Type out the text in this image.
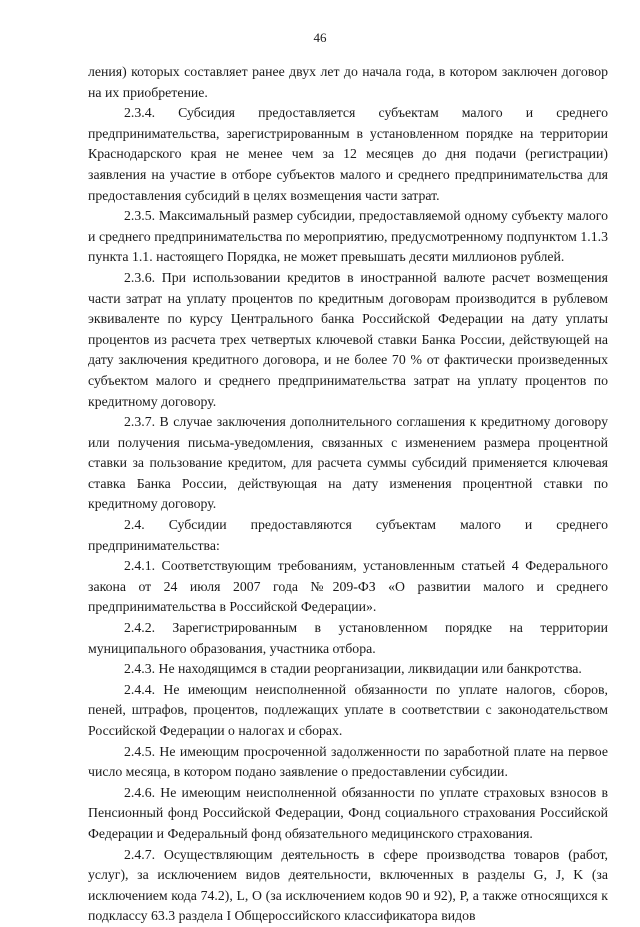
46

ления) которых составляет ранее двух лет до начала года, в котором заключен договор на их приобретение.

2.3.4. Субсидия предоставляется субъектам малого и среднего предпринимательства, зарегистрированным в установленном порядке на территории Краснодарского края не менее чем за 12 месяцев до дня подачи (регистрации) заявления на участие в отборе субъектов малого и среднего предпринимательства для предоставления субсидий в целях возмещения части затрат.

2.3.5. Максимальный размер субсидии, предоставляемой одному субъекту малого и среднего предпринимательства по мероприятию, предусмотренному подпунктом 1.1.3 пункта 1.1. настоящего Порядка, не может превышать десяти миллионов рублей.

2.3.6. При использовании кредитов в иностранной валюте расчет возмещения части затрат на уплату процентов по кредитным договорам производится в рублевом эквиваленте по курсу Центрального банка Российской Федерации на дату уплаты процентов из расчета трех четвертых ключевой ставки Банка России, действующей на дату заключения кредитного договора, и не более 70 % от фактически произведенных субъектом малого и среднего предпринимательства затрат на уплату процентов по кредитному договору.

2.3.7. В случае заключения дополнительного соглашения к кредитному договору или получения письма-уведомления, связанных с изменением размера процентной ставки за пользование кредитом, для расчета суммы субсидий применяется ключевая ставка Банка России, действующая на дату изменения процентной ставки по кредитному договору.

2.4. Субсидии предоставляются субъектам малого и среднего предпринимательства:

2.4.1. Соответствующим требованиям, установленным статьей 4 Федерального закона от 24 июля 2007 года №209-ФЗ «О развитии малого и среднего предпринимательства в Российской Федерации».

2.4.2. Зарегистрированным в установленном порядке на территории муниципального образования, участника отбора.

2.4.3. Не находящимся в стадии реорганизации, ликвидации или банкротства.

2.4.4. Не имеющим неисполненной обязанности по уплате налогов, сборов, пеней, штрафов, процентов, подлежащих уплате в соответствии с законодательством Российской Федерации о налогах и сборах.

2.4.5. Не имеющим просроченной задолженности по заработной плате на первое число месяца, в котором подано заявление о предоставлении субсидии.

2.4.6. Не имеющим неисполненной обязанности по уплате страховых взносов в Пенсионный фонд Российской Федерации, Фонд социального страхования Российской Федерации и Федеральный фонд обязательного медицинского страхования.

2.4.7. Осуществляющим деятельность в сфере производства товаров (работ, услуг), за исключением видов деятельности, включенных в разделы G, J, K (за исключением кода 74.2), L, O (за исключением кодов 90 и 92), P, а также относящихся к подклассу 63.3 раздела I Общероссийского классификатора видов
